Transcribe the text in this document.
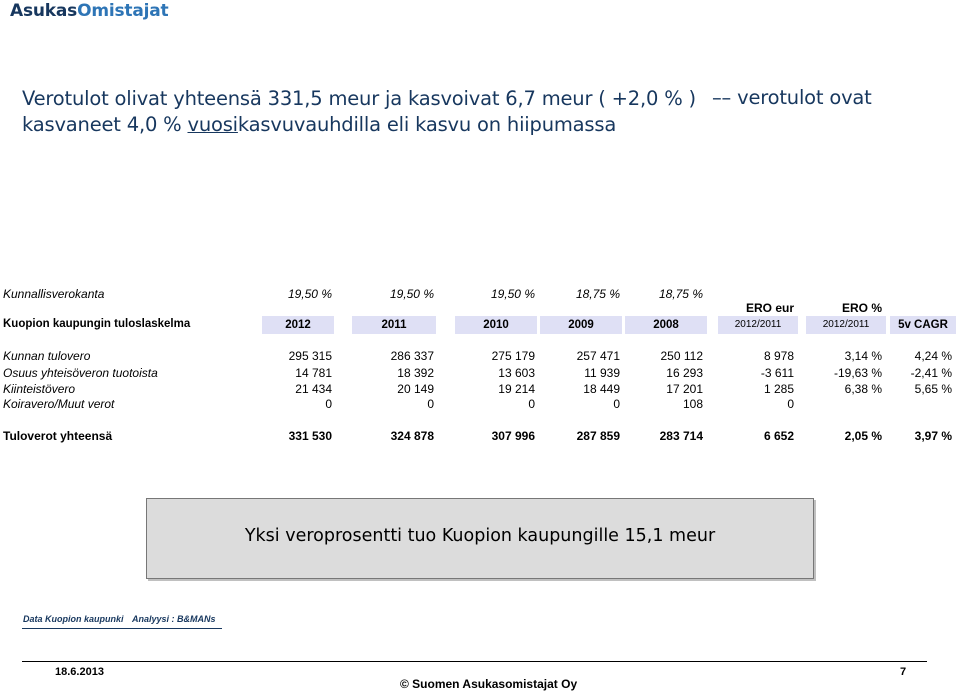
AsukasOmistajat
Verotulot olivat yhteensä 331,5 meur ja kasvoivat 6,7 meur ( +2,0 % )
kasvaneet 4,0 % vuosikasvuvauhdilla eli kasvu on hiipumassa
–– verotulot ovat
Kunnallisverokanta	19,50 %	19,50 %	19,50 %	18,75 %	18,75 %
ERO eur	ERO %
Kuopion kaupungin tuloslaskelma	2012	2011	2010	2009	2008	2012/2011	2012/2011	5v CAGR
Kunnan tulovero	295 315	286 337	275 179	257 471	250 112	8 978	3,14 %	4,24 %
Osuus yhteisöveron tuotoista	14 781	18 392	13 603	11 939	16 293	-3 611	-19,63 %	-2,41 %
Kiinteistövero	21 434	20 149	19 214	18 449	17 201	1 285	6,38 %	5,65 %
Koiravero/Muut verot	0	0	0	0	108	0
Tuloverot yhteensä	331 530	324 878	307 996	287 859	283 714	6 652	2,05 %	3,97 %
Yksi veroprosentti tuo Kuopion kaupungille 15,1 meur
Data Kuopion kaupunki Analyysi : B&MANs
18.6.2013
© Suomen Asukasomistajat Oy
7
